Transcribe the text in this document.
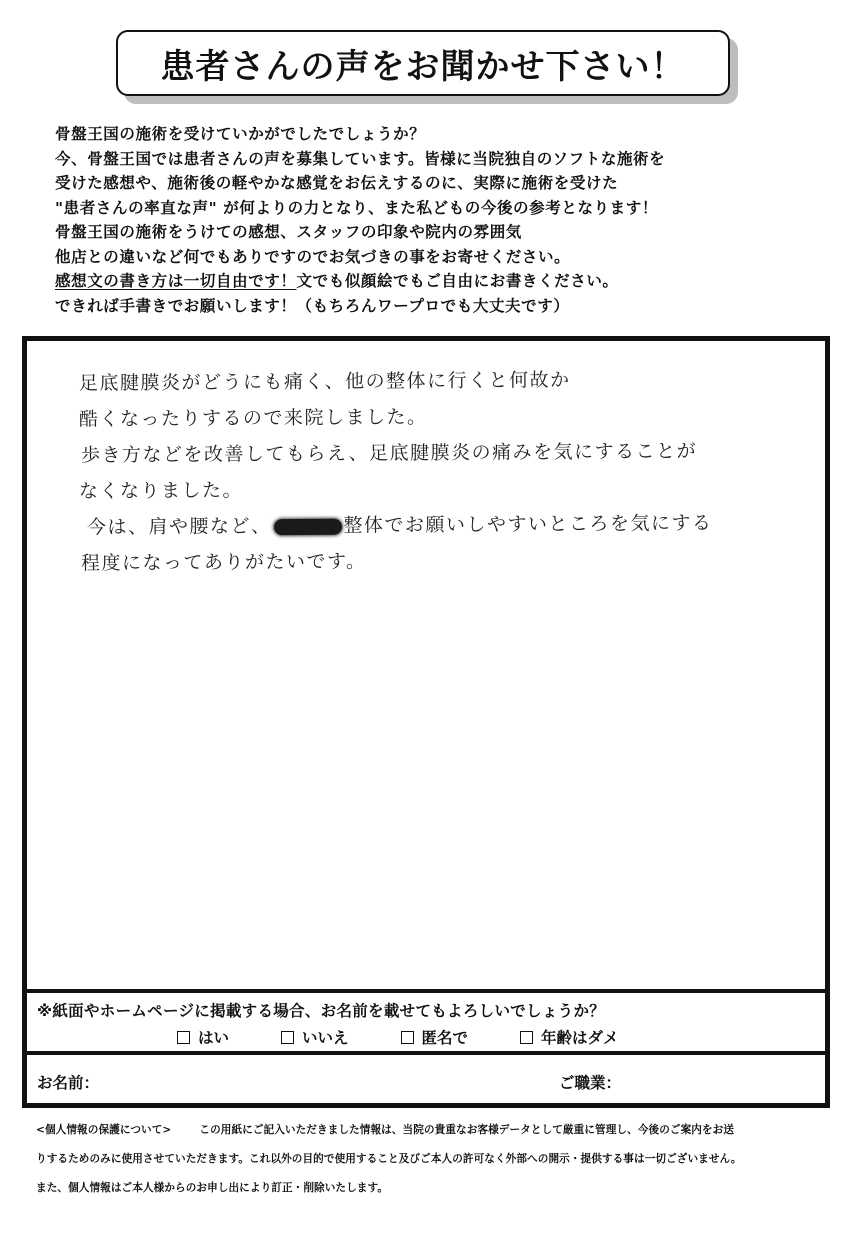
患者さんの声をお聞かせ下さい！
骨盤王国の施術を受けていかがでしたでしょうか？
今、骨盤王国では患者さんの声を募集しています。皆様に当院独自のソフトな施術を
受けた感想や、施術後の軽やかな感覚をお伝えするのに、実際に施術を受けた
"患者さんの率直な声" が何よりの力となり、また私どもの今後の参考となります！
骨盤王国の施術をうけての感想、スタッフの印象や院内の雰囲気
他店との違いなど何でもありですのでお気づきの事をお寄せください。
感想文の書き方は一切自由です！文でも似顔絵でもご自由にお書きください。
できれば手書きでお願いします！（もちろんワープロでも大丈夫です）
足底腱膜炎がどうにも痛く、他の整体に行くと何故か
酷くなったりするので来院しました。
歩き方などを改善してもらえ、足底腱膜炎の痛みを気にすることが
なくなりました。
今は、肩や腰など、	整体でお願いしやすいところを気にする
程度になってありがたいです。
※紙面やホームページに掲載する場合、お名前を載せてもよろしいでしょうか？
はい	いいえ	匿名で	年齢はダメ
お名前：	ご職業：
<個人情報の保護について>	この用紙にご記入いただきました情報は、当院の貴重なお客様データとして厳重に管理し、今後のご案内をお送
りするためのみに使用させていただきます。これ以外の目的で使用すること及びご本人の許可なく外部への開示・提供する事は一切ございません。
また、個人情報はご本人様からのお申し出により訂正・削除いたします。
